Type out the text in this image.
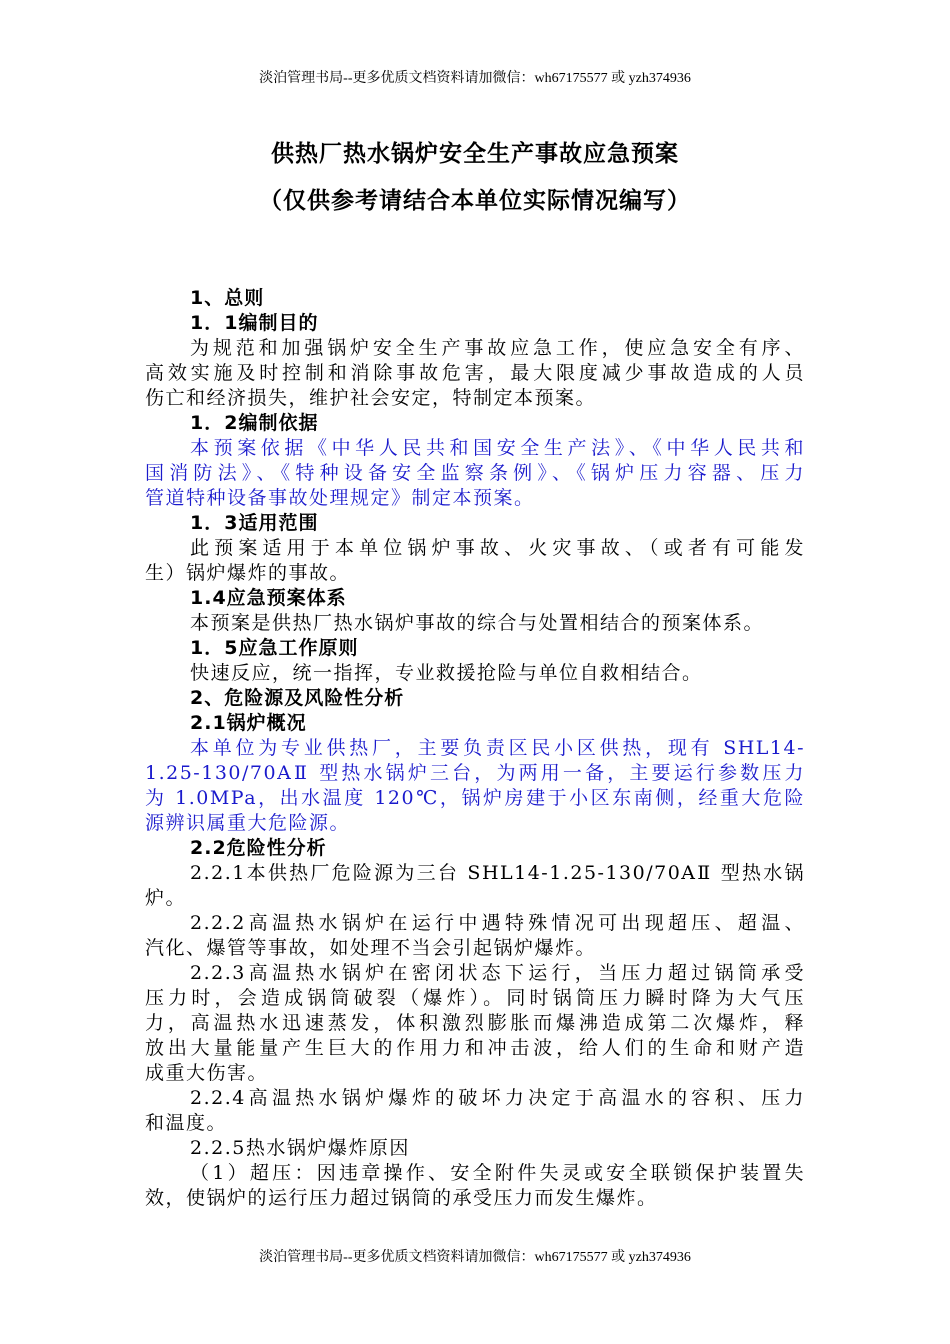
淡泊管理书局--更多优质文档资料请加微信：wh67175577 或 yzh374936
供热厂热水锅炉安全生产事故应急预案
（仅供参考请结合本单位实际情况编写）
1、总则
1．1编制目的
为规范和加强锅炉安全生产事故应急工作，使应急安全有序、
高效实施及时控制和消除事故危害，最大限度减少事故造成的人员
伤亡和经济损失，维护社会安定，特制定本预案。
1．2编制依据
本预案依据《中华人民共和国安全生产法》、《中华人民共和
国消防法》、《特种设备安全监察条例》、《锅炉压力容器、压力
管道特种设备事故处理规定》制定本预案。
1．3适用范围
此预案适用于本单位锅炉事故、火灾事故、（或者有可能发
生）锅炉爆炸的事故。
1.4应急预案体系
本预案是供热厂热水锅炉事故的综合与处置相结合的预案体系。
1．5应急工作原则
快速反应，统一指挥，专业救援抢险与单位自救相结合。
2、危险源及风险性分析
2.1锅炉概况
本单位为专业供热厂，主要负责区民小区供热，现有 SHL14-
1.25-130/70AⅡ 型热水锅炉三台，为两用一备，主要运行参数压力
为 1.0MPa，出水温度 120℃，锅炉房建于小区东南侧，经重大危险
源辨识属重大危险源。
2.2危险性分析
2.2.1本供热厂危险源为三台 SHL14-1.25-130/70AⅡ 型热水锅
炉。
2.2.2高温热水锅炉在运行中遇特殊情况可出现超压、超温、
汽化、爆管等事故，如处理不当会引起锅炉爆炸。
2.2.3高温热水锅炉在密闭状态下运行，当压力超过锅筒承受
压力时，会造成锅筒破裂（爆炸）。同时锅筒压力瞬时降为大气压
力，高温热水迅速蒸发，体积激烈膨胀而爆沸造成第二次爆炸，释
放出大量能量产生巨大的作用力和冲击波，给人们的生命和财产造
成重大伤害。
2.2.4高温热水锅炉爆炸的破坏力决定于高温水的容积、压力
和温度。
2.2.5热水锅炉爆炸原因
（1）超压：因违章操作、安全附件失灵或安全联锁保护装置失
效，使锅炉的运行压力超过锅筒的承受压力而发生爆炸。
淡泊管理书局--更多优质文档资料请加微信：wh67175577 或 yzh374936
